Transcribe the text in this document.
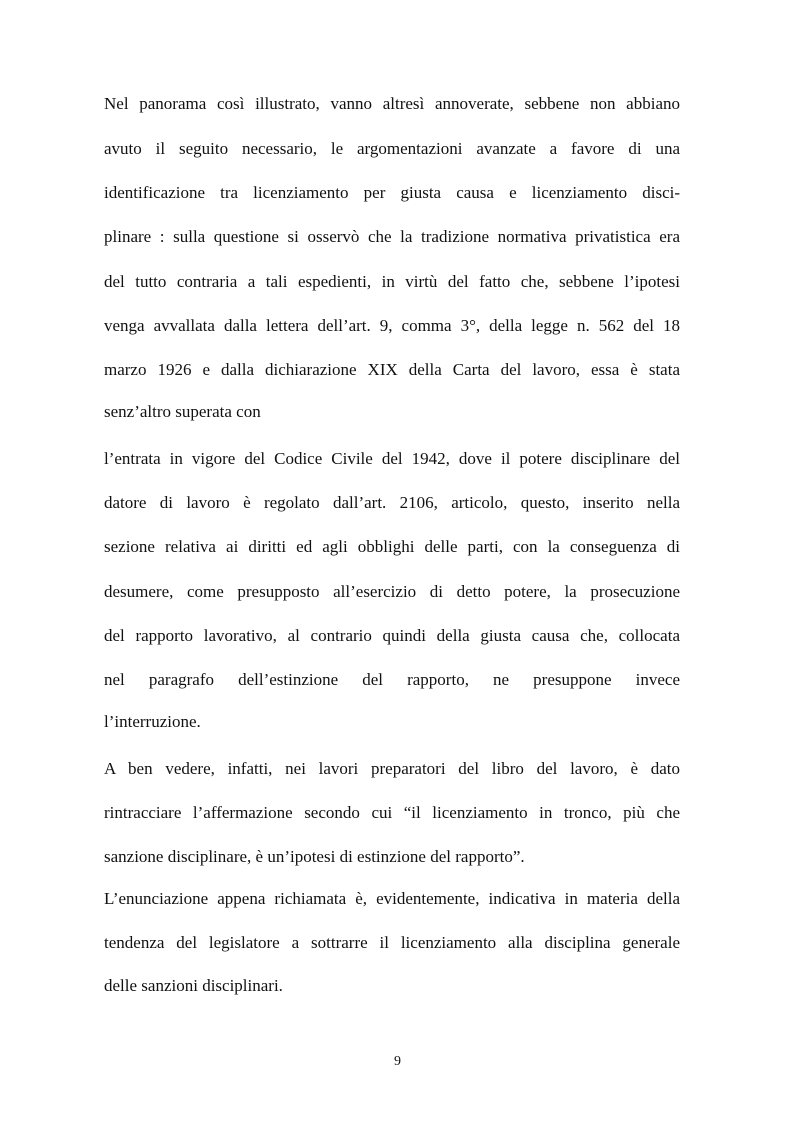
Nel panorama così illustrato, vanno altresì annoverate, sebbene non abbiano
avuto il seguito necessario, le argomentazioni avanzate a favore di una
identificazione tra licenziamento per giusta causa e licenziamento disci-
plinare : sulla questione si osservò che la tradizione normativa privatistica era
del tutto contraria a tali espedienti, in virtù del fatto che, sebbene l’ipotesi
venga avvallata dalla lettera dell’art. 9, comma 3°, della legge n. 562 del 18
marzo 1926 e dalla dichiarazione XIX della Carta del lavoro, essa è stata
senz’altro superata con
l’entrata in vigore del Codice Civile del 1942, dove il potere disciplinare del
datore di lavoro è regolato dall’art. 2106, articolo, questo, inserito nella
sezione relativa ai diritti ed agli obblighi delle parti, con la conseguenza di
desumere, come presupposto all’esercizio di detto potere, la prosecuzione
del rapporto lavorativo, al contrario quindi della giusta causa che, collocata
nel paragrafo dell’estinzione del rapporto, ne presuppone invece
l’interruzione.
A ben vedere, infatti, nei lavori preparatori del libro del lavoro, è dato
rintracciare l’affermazione secondo cui “il licenziamento in tronco, più che
sanzione disciplinare, è un’ipotesi di estinzione del rapporto”.
L’enunciazione appena richiamata è, evidentemente, indicativa in materia della
tendenza del legislatore a sottrarre il licenziamento alla disciplina generale
delle sanzioni disciplinari.
9
